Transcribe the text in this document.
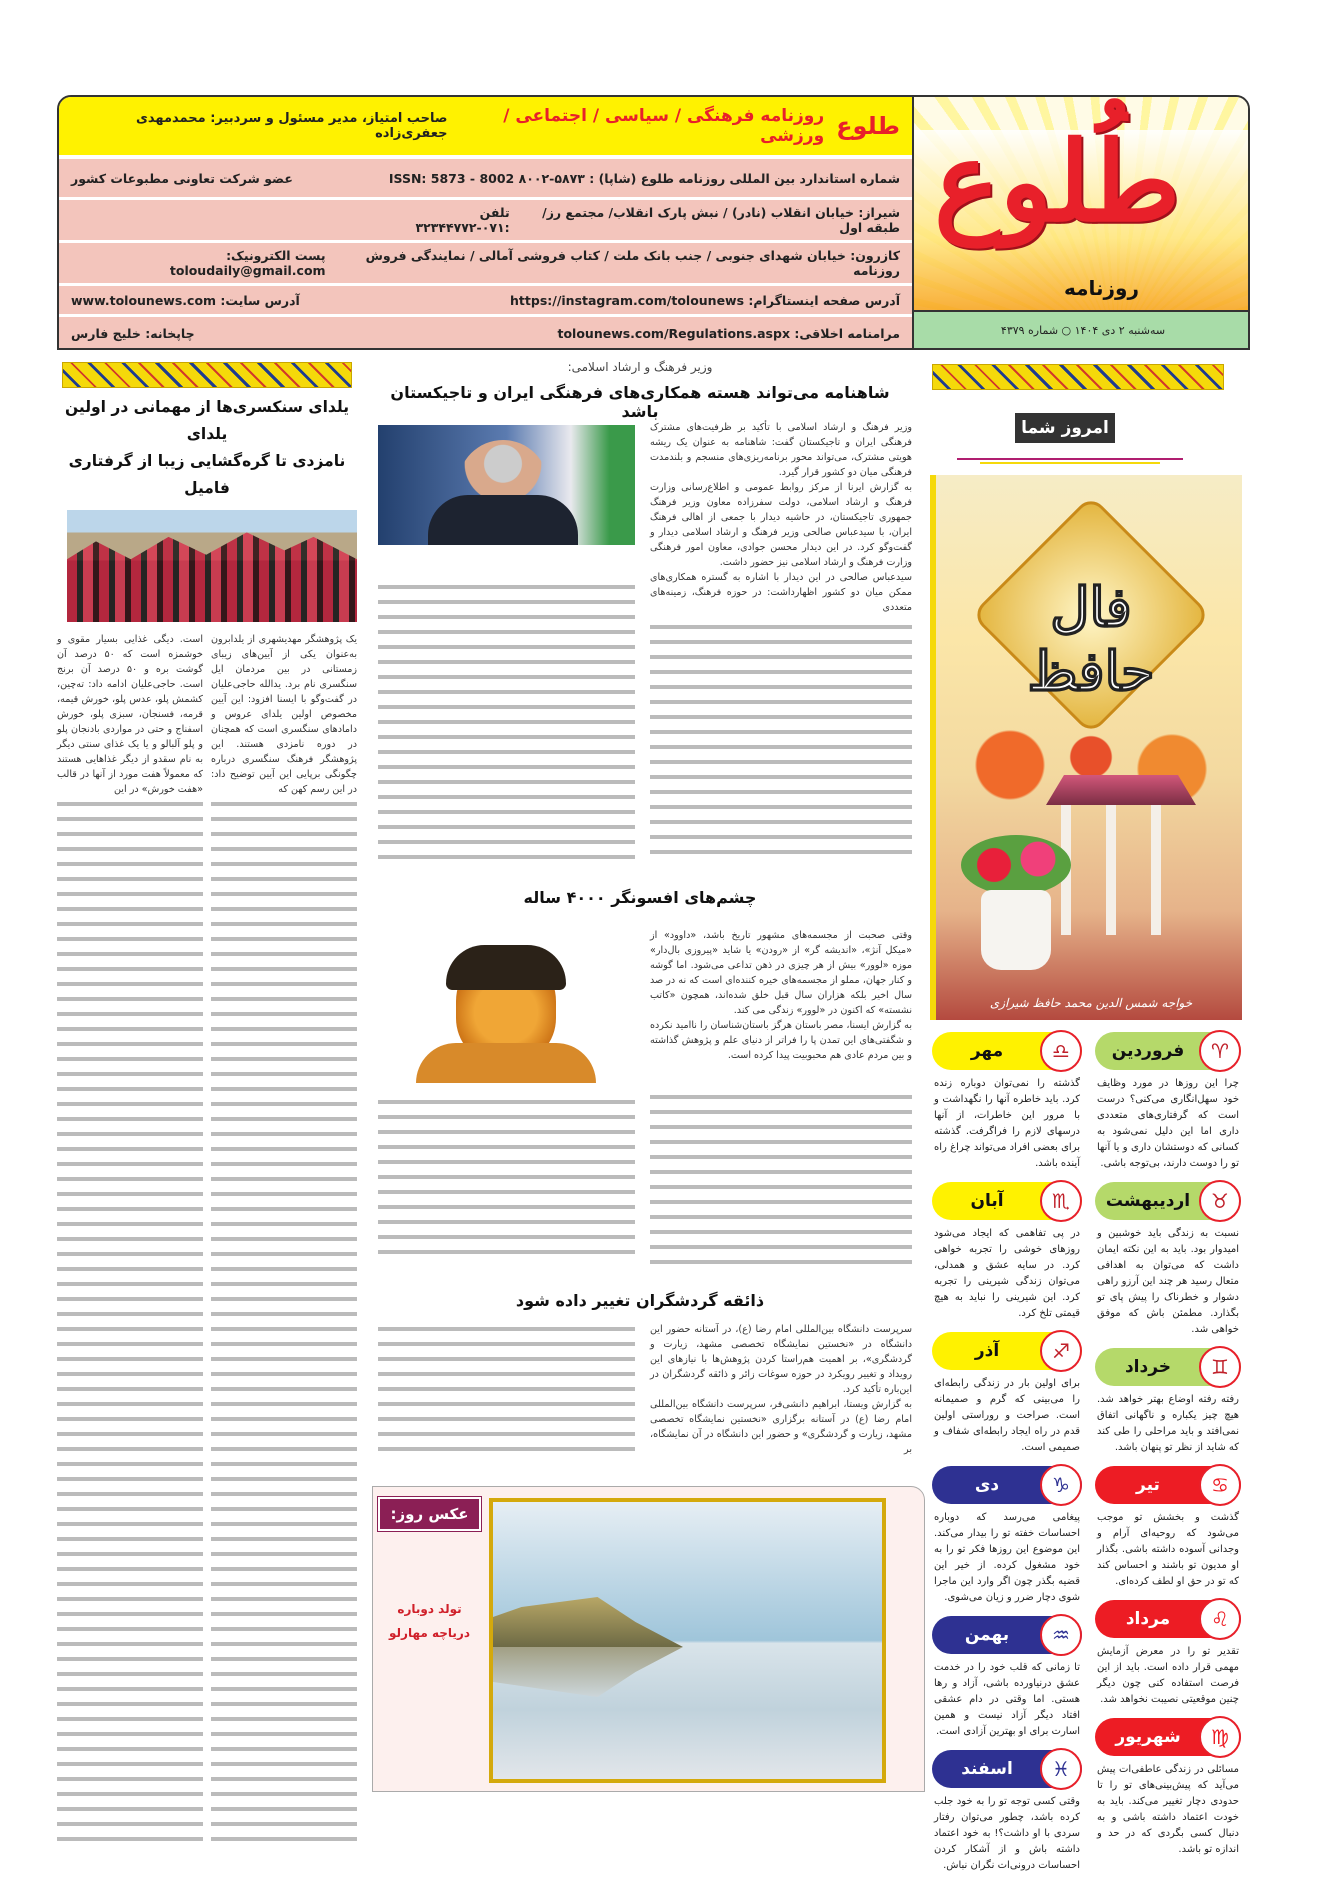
طلوع
روزنامه فرهنگی / سیاسی / اجتماعی / ورزشی
صاحب امتیاز، مدیر مسئول و سردبیر: محمدمهدی جعفری‌زاده
شماره استاندارد بین المللی روزنامه طلوع (شاپا) : ۵۸۷۳-۸۰۰۲ ISSN: 5873 - 8002
عضو شرکت تعاونی مطبوعات کشور
شیراز: خیابان انقلاب (نادر) / نبش پارک انقلاب/ مجتمع رز/ طبقه اول
تلفن :۰۷۱-۳۲۳۴۴۷۷۲
کازرون: خیابان شهدای جنوبی / جنب بانک ملت / کتاب فروشی آمالی / نمایندگی فروش روزنامه
پست الکترونیک: toloudaily@gmail.com
آدرس صفحه اینستاگرام: https://instagram.com/tolounews
آدرس سایت: www.tolounews.com
مرامنامه اخلاقی: tolounews.com/Regulations.aspx
چاپخانه: خلیج فارس
طُلوع
روزنامه
سه‌شنبه ۲ دی ۱۴۰۴ ○ شماره ۴۳۷۹
یلدای سنکسری‌ها از مهمانی در اولین یلدای
نامزدی تا گره‌گشایی زیبا از گرفتاری فامیل
یک پژوهشگر مهدیشهری از یلدابرون به‌عنوان یکی از آیین‌های زیبای زمستانی در بین مردمان ایل سنگسری نام برد. یدالله حاجی‌علیان در گفت‌وگو با ایسنا افزود: این آیین مخصوص اولین یلدای عروس و دامادهای سنگسری است که همچنان در دوره نامزدی هستند. این پژوهشگر فرهنگ سنگسری درباره چگونگی برپایی این آیین توضیح داد: در این رسم کهن که
است. دیگی غذایی بسیار مقوی و خوشمزه است که ۵۰ درصد آن گوشت بره و ۵۰ درصد آن برنج است. حاجی‌علیان ادامه داد: ته‌چین، کشمش پلو، عدس پلو، خورش قیمه، قرمه، فسنجان، سبزی پلو، خورش اسفناج و حتی در مواردی بادنجان پلو و پلو آلبالو و یا یک غذای سنتی دیگر به نام سقدو از دیگر غذاهایی هستند که معمولاً هفت مورد از آنها در قالب «هفت خورش» در این
وزیر فرهنگ و ارشاد اسلامی:
شاهنامه می‌تواند هسته همکاری‌های فرهنگی ایران و تاجیکستان باشد

وزیر فرهنگ و ارشاد اسلامی با تأکید بر ظرفیت‌های مشترک فرهنگی ایران و تاجیکستان گفت: شاهنامه به عنوان یک ریشه هویتی مشترک، می‌تواند محور برنامه‌ریزی‌های منسجم و بلندمدت فرهنگی میان دو کشور قرار گیرد.

به گزارش ایرنا از مرکز روابط عمومی و اطلاع‌رسانی وزارت فرهنگ و ارشاد اسلامی، دولت سفرزاده معاون وزیر فرهنگ جمهوری تاجیکستان، در حاشیه دیدار با جمعی از اهالی فرهنگ ایران، با سیدعباس صالحی وزیر فرهنگ و ارشاد اسلامی دیدار و گفت‌وگو کرد. در این دیدار محسن جوادی، معاون امور فرهنگی وزارت فرهنگ و ارشاد اسلامی نیز حضور داشت.

سیدعباس صالحی در این دیدار با اشاره به گستره همکاری‌های ممکن میان دو کشور اظهارداشت: در حوزه فرهنگ، زمینه‌های متعددی

چشم‌های افسونگر ۴۰۰۰ ساله

وقتی صحبت از مجسمه‌های مشهور تاریخ باشد، «داوود» از «میکل آنژ»، «اندیشه گر» از «رودن» یا شاید «پیروزی بال‌دار» موزه «لوور» بیش از هر چیزی در ذهن تداعی می‌شود. اما گوشه و کنار جهان، مملو از مجسمه‌های خیره کننده‌ای است که نه در صد سال اخیر بلکه هزاران سال قبل خلق شده‌اند، همچون «کاتب نشسته» که اکنون در «لوور» زندگی می کند.

به گزارش ایسنا، مصر باستان هرگز باستان‌شناسان را ناامید نکرده و شگفتی‌های این تمدن پا را فراتر از دنیای علم و پژوهش گذاشته و بین مردم عادی هم محبوبیت پیدا کرده است.

ذائقه گردشگران تغییر داده شود

سرپرست دانشگاه بین‌المللی امام رضا (ع)، در آستانه حضور این دانشگاه در «نخستین نمایشگاه تخصصی مشهد، زیارت و گردشگری»، بر اهمیت هم‌راستا کردن پژوهش‌ها با نیازهای این رویداد و تغییر رویکرد در حوزه سوغات زائر و ذائقه گردشگران در این‌باره تأکید کرد.

به گزارش ویستا، ابراهیم دانشی‌فر، سرپرست دانشگاه بین‌المللی امام رضا (ع) در آستانه برگزاری «نخستین نمایشگاه تخصصی مشهد، زیارت و گردشگری» و حضور این دانشگاه در آن نمایشگاه، بر

عکس روز:
تولد دوباره
دریاچه مهارلو
امروز شما
فال حافظ
خواجه شمس الدین محمد حافظ شیرازی
♈
فروردین
چرا این روزها در مورد وظایف خود سهل‌انگاری می‌کنی؟ درست است که گرفتاری‌های متعددی داری اما این دلیل نمی‌شود به کسانی که دوستشان داری و یا آنها تو را دوست دارند، بی‌توجه باشی.
♉
اردیبهشت
نسبت به زندگی باید خوشبین و امیدوار بود. باید به این نکته ایمان داشت که می‌توان به اهدافی متعال رسید هر چند این آرزو راهی دشوار و خطرناک را پیش پای تو بگذارد. مطمئن باش که موفق خواهی شد.
♊
خرداد
رفته رفته اوضاع بهتر خواهد شد. هیچ چیز یکباره و ناگهانی اتفاق نمی‌افتد و باید مراحلی را طی کند که شاید از نظر تو پنهان باشد.
♋
تیر
گذشت و بخشش تو موجب می‌شود که روحیه‌ای آرام و وجدانی آسوده داشته باشی. بگذار او مدیون تو باشند و احساس کند که تو در حق او لطف کرده‌ای.
♌
مرداد
تقدیر تو را در معرض آزمایش مهمی قرار داده است. باید از این فرصت استفاده کنی چون دیگر چنین موقعیتی نصیبت نخواهد شد.
♍
شهریور
مسائلی در زندگی عاطفی‌ات پیش می‌آید که پیش‌بینی‌های تو را تا حدودی دچار تغییر می‌کند. باید به خودت اعتماد داشته باشی و به دنبال کسی بگردی که در حد و اندازه تو باشد.
♎
مهر
گذشته را نمی‌توان دوباره زنده کرد. باید خاطره آنها را نگهداشت و با مرور این خاطرات، از آنها درسهای لازم را فراگرفت. گذشته برای بعضی افراد می‌تواند چراغ راه آینده باشد.
♏
آبان
در پی تفاهمی که ایجاد می‌شود روزهای خوشی را تجربه خواهی کرد. در سایه عشق و همدلی، می‌توان زندگی شیرینی را تجربه کرد. این شیرینی را نباید به هیچ قیمتی تلخ کرد.
♐
آذر
برای اولین بار در زندگی رابطه‌ای را می‌بینی که گرم و صمیمانه است. صراحت و روراستی اولین قدم در راه ایجاد رابطه‌ای شفاف و صمیمی است.
♑
دی
پیغامی می‌رسد که دوباره احساسات خفته تو را بیدار می‌کند. این موضوع این روزها فکر تو را به خود مشغول کرده. از خیر این قضیه بگذر چون اگر وارد این ماجرا شوی دچار ضرر و زیان می‌شوی.
♒
بهمن
تا زمانی که قلب خود را در خدمت عشق درنیاورده باشی، آزاد و رها هستی. اما وقتی در دام عشقی افتاد دیگر آزاد نیست و همین اسارت برای او بهترین آزادی است.
♓
اسفند
وقتی کسی توجه تو را به خود جلب کرده باشد، چطور می‌توان رفتار سردی با او داشت؟! به خود اعتماد داشته باش و از آشکار کردن احساسات درونی‌ات نگران نباش.
